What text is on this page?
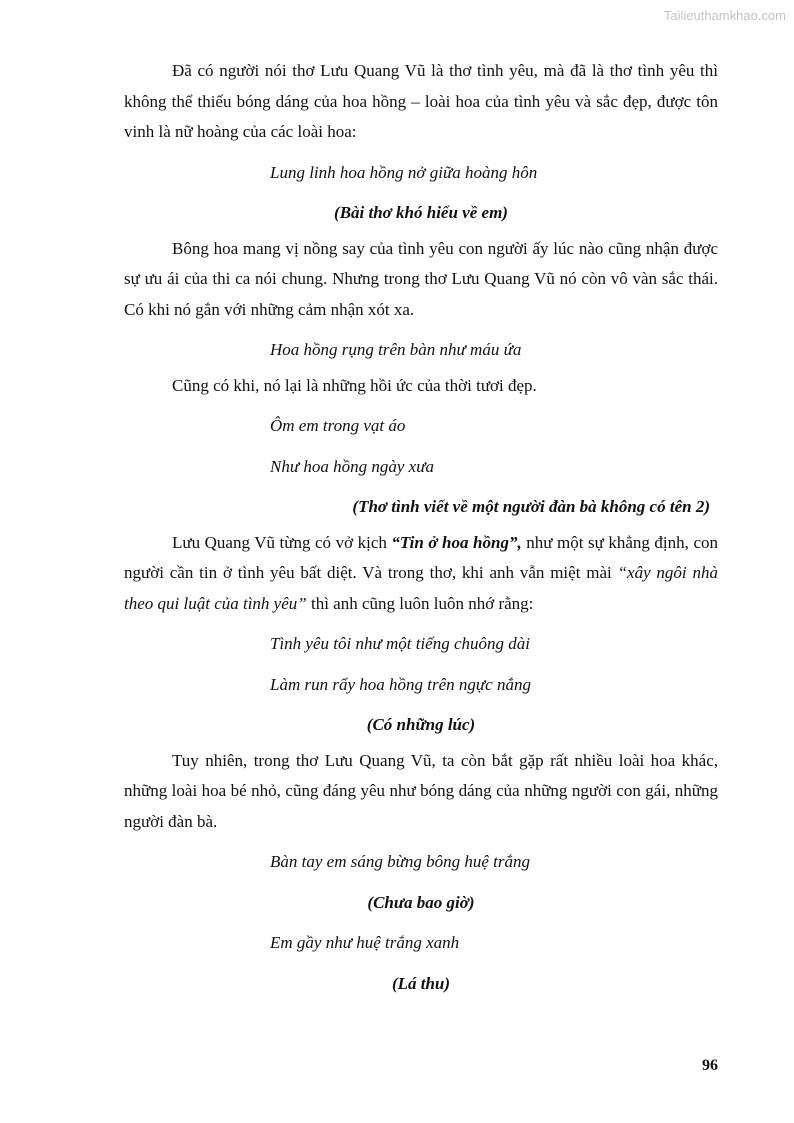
Tailieuthamkhao.com

Đã có người nói thơ Lưu Quang Vũ là thơ tình yêu, mà đã là thơ tình yêu thì không thể thiếu bóng dáng của hoa hồng – loài hoa của tình yêu và sắc đẹp, được tôn vinh là nữ hoàng của các loài hoa:

Lung linh hoa hồng nở giữa hoàng hôn

(Bài thơ khó hiểu về em)

Bông hoa mang vị nồng say của tình yêu con người ấy lúc nào cũng nhận được sự ưu ái của thi ca nói chung. Nhưng trong thơ Lưu Quang Vũ nó còn vô vàn sắc thái. Có khi nó gắn với những cảm nhận xót xa.

Hoa hồng rụng trên bàn như máu ứa

Cũng có khi, nó lại là những hồi ức của thời tươi đẹp.

Ôm em trong vạt áo

Như hoa hồng ngày xưa

(Thơ tình viết về một người đàn bà không có tên 2)

Lưu Quang Vũ từng có vở kịch “Tin ở hoa hồng”, như một sự khẳng định, con người cần tin ở tình yêu bất diệt. Và trong thơ, khi anh vẫn miệt mài “xây ngôi nhà theo qui luật của tình yêu” thì anh cũng luôn luôn nhớ rằng:

Tình yêu tôi như một tiếng chuông dài

Làm run rẩy hoa hồng trên ngực nắng

(Có những lúc)

Tuy nhiên, trong thơ Lưu Quang Vũ, ta còn bắt gặp rất nhiều loài hoa khác, những loài hoa bé nhỏ, cũng đáng yêu như bóng dáng của những người con gái, những người đàn bà.

Bàn tay em sáng bừng bông huệ trắng

(Chưa bao giờ)

Em gầy như huệ trắng xanh

(Lá thu)

96
